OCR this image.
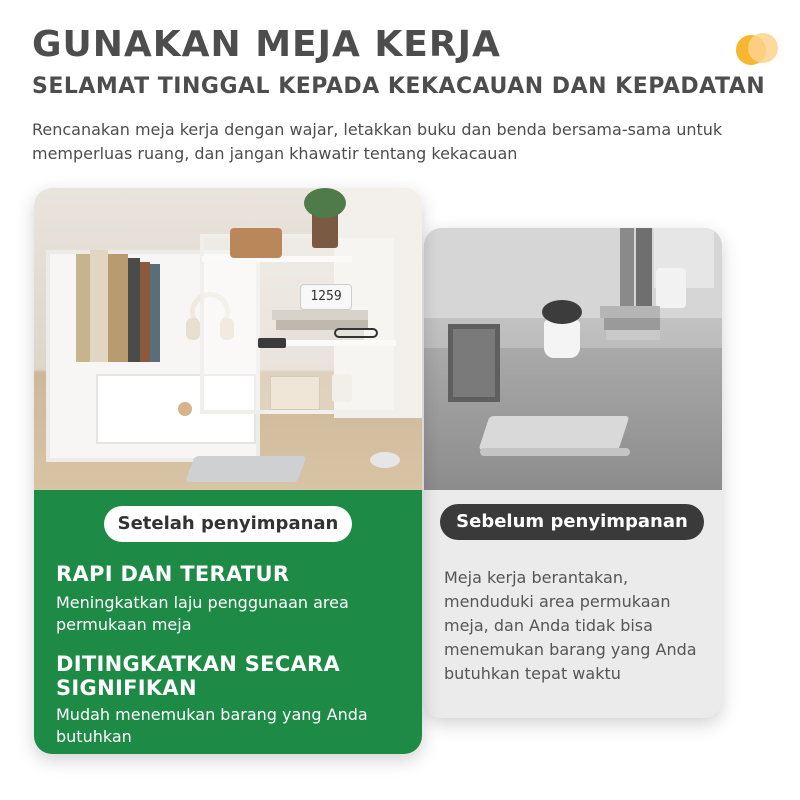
GUNAKAN MEJA KERJA
SELAMAT TINGGAL KEPADA KEKACAUAN DAN KEPADATAN
Rencanakan meja kerja dengan wajar, letakkan buku dan benda bersama-sama untuk memperluas ruang, dan jangan khawatir tentang kekacauan
Sebelum penyimpanan
Meja kerja berantakan, menduduki area permukaan meja, dan Anda tidak bisa menemukan barang yang Anda butuhkan tepat waktu
1259
Setelah penyimpanan
RAPI DAN TERATUR
Meningkatkan laju penggunaan area permukaan meja
DITINGKATKAN SECARA SIGNIFIKAN
Mudah menemukan barang yang Anda butuhkan
